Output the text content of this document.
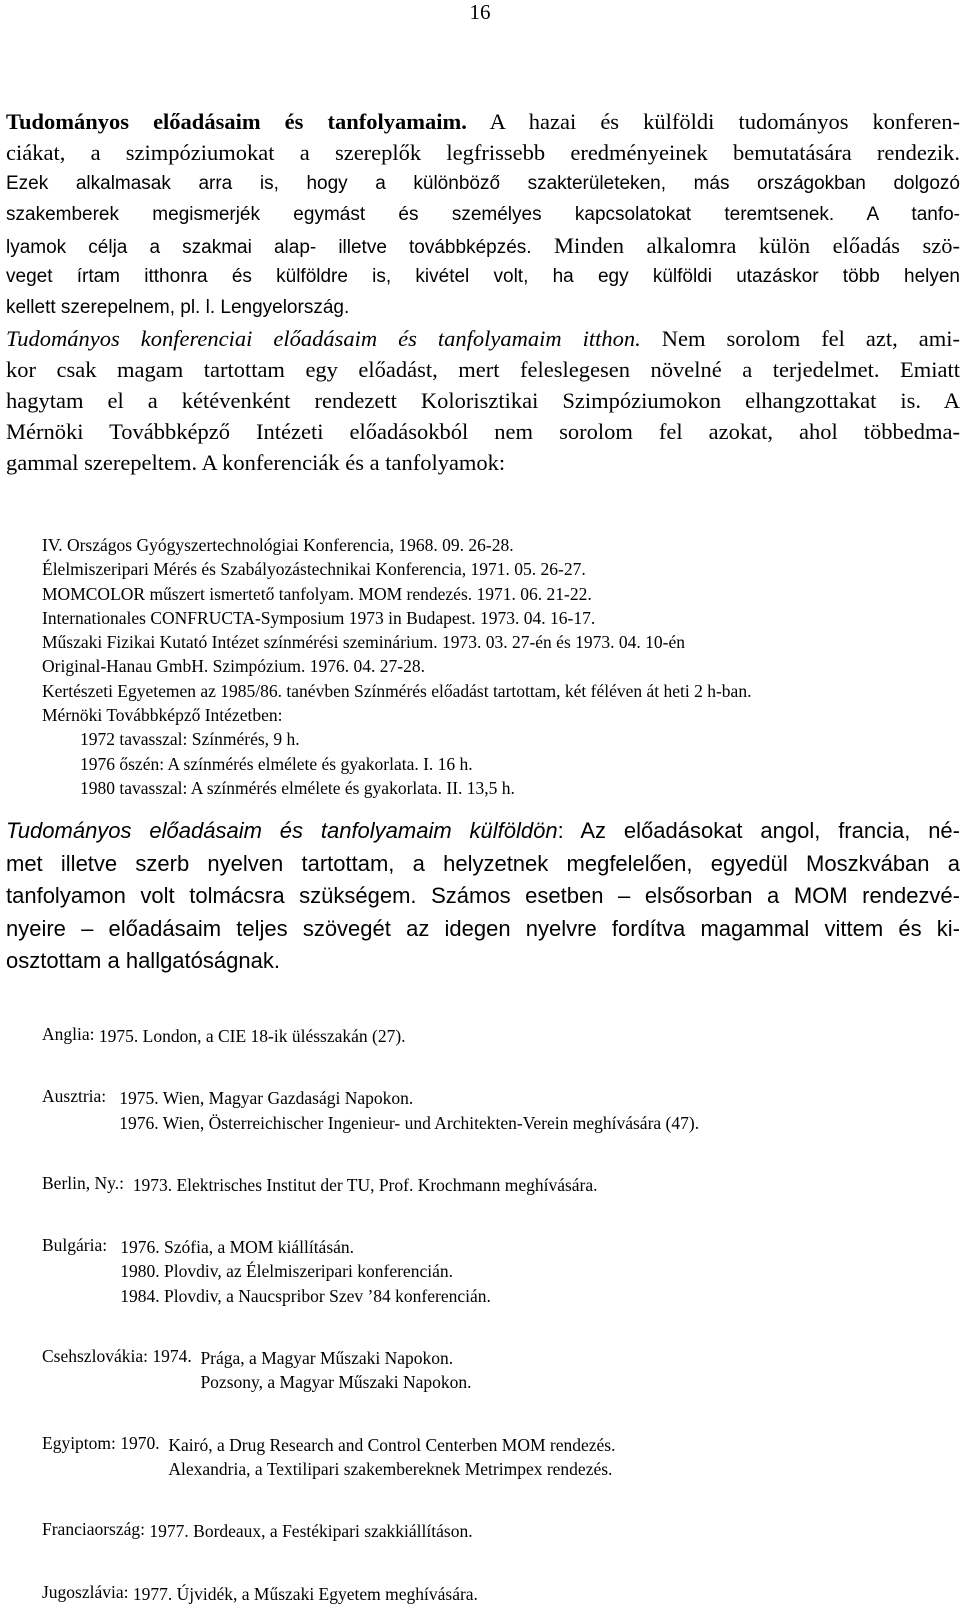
16
Tudományos előadásaim és tanfolyamaim. A hazai és külföldi tudományos konferen-
ciákat, a szimpóziumokat a szereplők legfrissebb eredményeinek bemutatására rendezik.
Ezek alkalmasak arra is, hogy a különböző szakterületeken, más országokban dolgozó
szakemberek megismerjék egymást és személyes kapcsolatokat teremtsenek. A tanfo-
lyamok célja a szakmai alap- illetve továbbképzés. Minden alkalomra külön előadás szö-
veget írtam itthonra és külföldre is, kivétel volt, ha egy külföldi utazáskor több helyen
kellett szerepelnem, pl. l. Lengyelország.
Tudományos konferenciai előadásaim és tanfolyamaim itthon. Nem sorolom fel azt, ami-
kor csak magam tartottam egy előadást, mert feleslegesen növelné a terjedelmet. Emiatt
hagytam el a kétévenként rendezett Kolorisztikai Szimpóziumokon elhangzottakat is. A
Mérnöki Továbbképző Intézeti előadásokból nem sorolom fel azokat, ahol többedma-
gammal szerepeltem. A konferenciák és a tanfolyamok:
IV. Országos Gyógyszertechnológiai Konferencia, 1968. 09. 26-28.
Élelmiszeripari Mérés és Szabályozástechnikai Konferencia, 1971. 05. 26-27.
MOMCOLOR műszert ismertető tanfolyam. MOM rendezés. 1971. 06. 21-22.
Internationales CONFRUCTA-Symposium 1973 in Budapest. 1973. 04. 16-17.
Műszaki Fizikai Kutató Intézet színmérési szeminárium. 1973. 03. 27-én és 1973. 04. 10-én
Original-Hanau GmbH. Szimpózium. 1976. 04. 27-28.
Kertészeti Egyetemen az 1985/86. tanévben Színmérés előadást tartottam, két féléven át heti 2 h-ban.
Mérnöki Továbbképző Intézetben:
1972 tavasszal: Színmérés, 9 h.
1976 őszén: A színmérés elmélete és gyakorlata. I. 16 h.
1980 tavasszal: A színmérés elmélete és gyakorlata. II. 13,5 h.
Tudományos előadásaim és tanfolyamaim külföldön: Az előadásokat angol, francia, né-
met illetve szerb nyelven tartottam, a helyzetnek megfelelően, egyedül Moszkvában a
tanfolyamon volt tolmácsra szükségem. Számos esetben – elsősorban a MOM rendezvé-
nyeire – előadásaim teljes szövegét az idegen nyelvre fordítva magammal vittem és ki-
osztottam a hallgatóságnak.
Anglia: 1975. London, a CIE 18-ik ülésszakán (27).
Ausztria: 1975. Wien, Magyar Gazdasági Napokon.
1976. Wien, Österreichischer Ingenieur- und Architekten-Verein meghívására (47).
Berlin, Ny.: 1973. Elektrisches Institut der TU, Prof. Krochmann meghívására.
Bulgária: 1976. Szófia, a MOM kiállításán.
1980. Plovdiv, az Élelmiszeripari konferencián.
1984. Plovdiv, a Naucspribor Szev ’84 konferencián.
Csehszlovákia: 1974. Prága, a Magyar Műszaki Napokon.
Pozsony, a Magyar Műszaki Napokon.
Egyiptom: 1970. Kairó, a Drug Research and Control Centerben MOM rendezés.
Alexandria, a Textilipari szakembereknek Metrimpex rendezés.
Franciaország: 1977. Bordeaux, a Festékipari szakkiállításon.
Jugoszlávia: 1977. Újvidék, a Műszaki Egyetem meghívására.
